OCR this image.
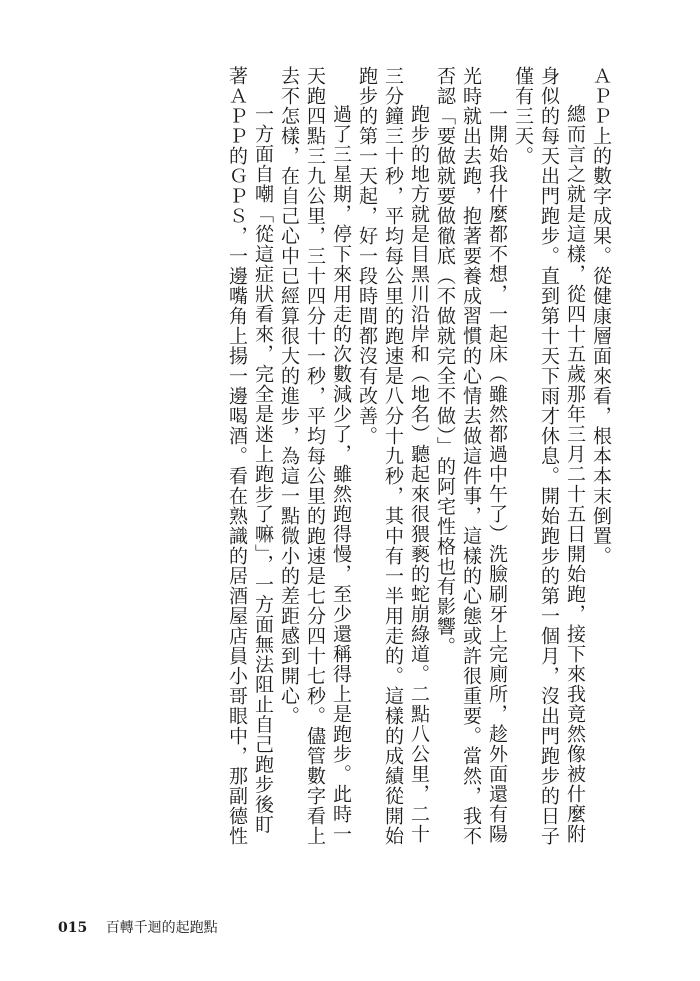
ＡＰＰ上的數字成果。從健康層面來看，根本本末倒置。
總而言之就是這樣，從四十五歲那年三月二十五日開始跑，接下來我竟然像被什麼附
身似的每天出門跑步。直到第十天下雨才休息。開始跑步的第一個月，沒出門跑步的日子
僅有三天。
一開始我什麼都不想，一起床（雖然都過中午了）洗臉刷牙上完廁所，趁外面還有陽
光時就出去跑，抱著要養成習慣的心情去做這件事，這樣的心態或許很重要。當然，我不
否認「要做就要做徹底（不做就完全不做）」的阿宅性格也有影響。
跑步的地方就是目黑川沿岸和（地名）聽起來很猥褻的蛇崩綠道。二點八公里，二十
三分鐘三十秒，平均每公里的跑速是八分十九秒，其中有一半用走的。這樣的成績從開始
跑步的第一天起，好一段時間都沒有改善。
過了三星期，停下來用走的次數減少了，雖然跑得慢，至少還稱得上是跑步。此時一
天跑四點三九公里，三十四分十一秒，平均每公里的跑速是七分四十七秒。儘管數字看上
去不怎樣，在自己心中已經算很大的進步，為這一點微小的差距感到開心。
一方面自嘲「從這症狀看來，完全是迷上跑步了嘛」，一方面無法阻止自己跑步後盯
著ＡＰＰ的ＧＰＳ，一邊嘴角上揚一邊喝酒。看在熟識的居酒屋店員小哥眼中，那副德性
015 百轉千迴的起跑點
